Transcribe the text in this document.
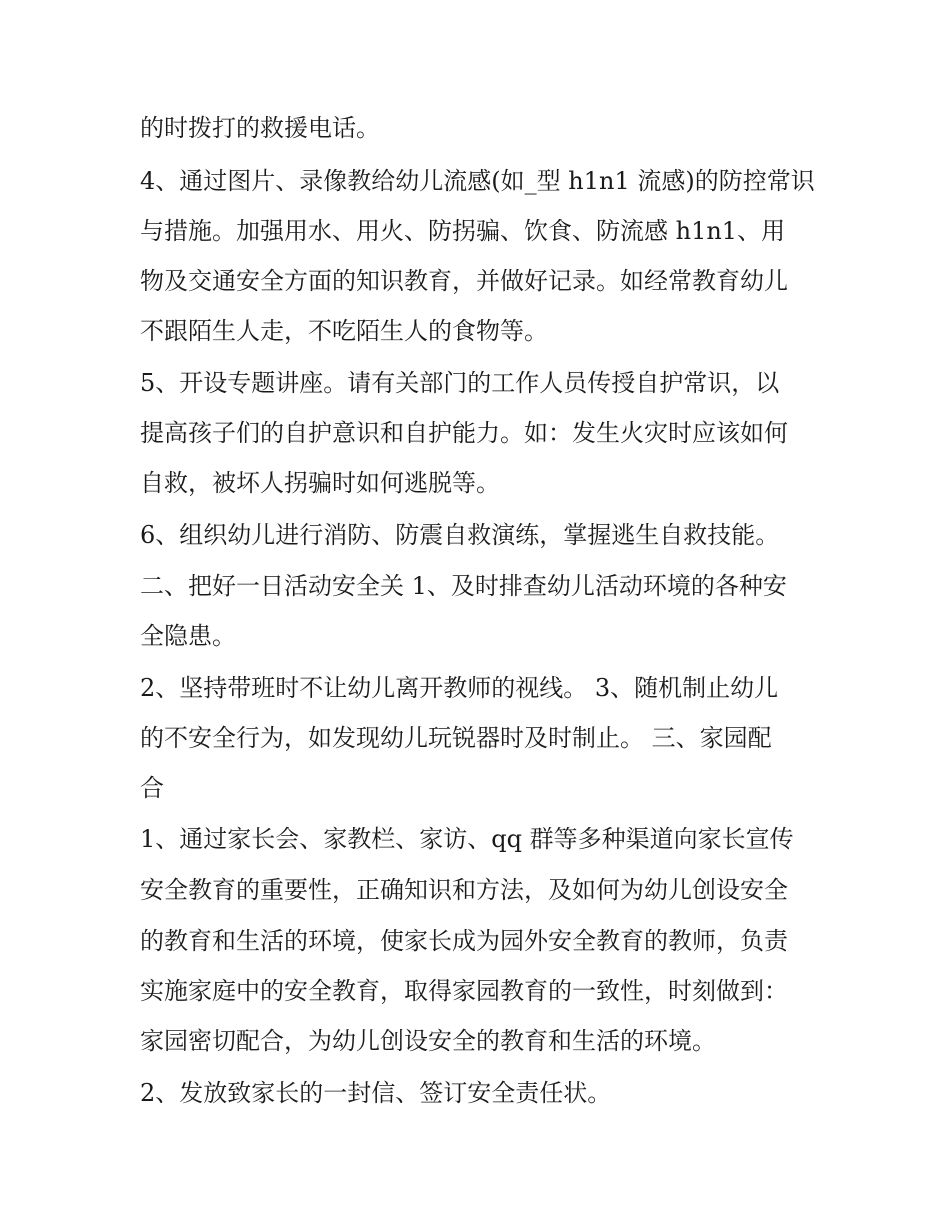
的时拨打的救援电话。
4、通过图片、录像教给幼儿流感(如_型 h1n1 流感)的防控常识
与措施。加强用水、用火、防拐骗、饮食、防流感 h1n1、用
物及交通安全方面的知识教育，并做好记录。如经常教育幼儿
不跟陌生人走，不吃陌生人的食物等。
5、开设专题讲座。请有关部门的工作人员传授自护常识，以
提高孩子们的自护意识和自护能力。如：发生火灾时应该如何
自救，被坏人拐骗时如何逃脱等。
6、组织幼儿进行消防、防震自救演练，掌握逃生自救技能。
二、把好一日活动安全关 1、及时排查幼儿活动环境的各种安
全隐患。
2、坚持带班时不让幼儿离开教师的视线。 3、随机制止幼儿
的不安全行为，如发现幼儿玩锐器时及时制止。 三、家园配
合
1、通过家长会、家教栏、家访、qq 群等多种渠道向家长宣传
安全教育的重要性，正确知识和方法，及如何为幼儿创设安全
的教育和生活的环境，使家长成为园外安全教育的教师，负责
实施家庭中的安全教育，取得家园教育的一致性，时刻做到：
家园密切配合，为幼儿创设安全的教育和生活的环境。
2、发放致家长的一封信、签订安全责任状。
